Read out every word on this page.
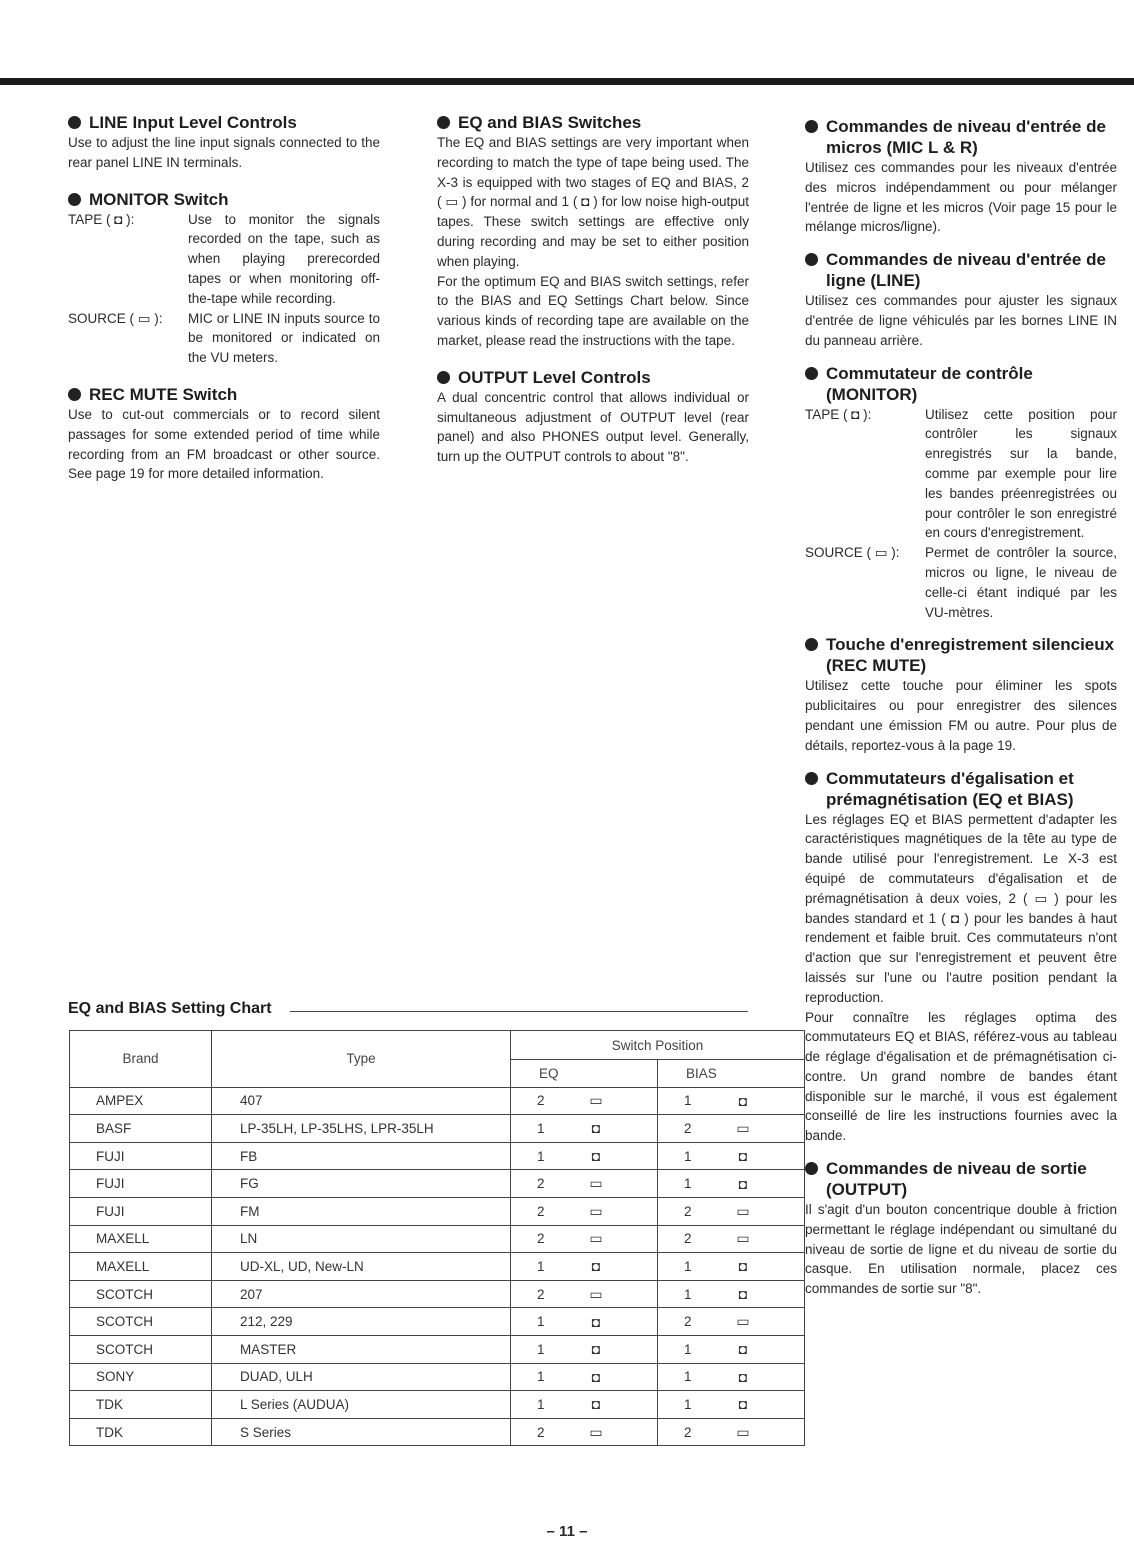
LINE Input Level Controls

Use to adjust the line input signals connected to the rear panel LINE IN terminals.

MONITOR Switch
TAPE ( ◘ ):	Use to monitor the signals recorded on the tape, such as when playing prerecorded tapes or when monitoring off-the-tape while recording.
SOURCE ( ▭ ):	MIC or LINE IN inputs source to be monitored or indicated on the VU meters.
REC MUTE Switch

Use to cut-out commercials or to record silent passages for some extended period of time while recording from an FM broadcast or other source. See page 19 for more detailed information.

EQ and BIAS Switches

The EQ and BIAS settings are very important when recording to match the type of tape being used. The X-3 is equipped with two stages of EQ and BIAS, 2 ( ▭ ) for normal and 1 ( ◘ ) for low noise high-output tapes. These switch settings are effective only during recording and may be set to either position when playing.

For the optimum EQ and BIAS switch settings, refer to the BIAS and EQ Settings Chart below. Since various kinds of recording tape are available on the market, please read the instructions with the tape.

OUTPUT Level Controls

A dual concentric control that allows individual or simultaneous adjustment of OUTPUT level (rear panel) and also PHONES output level. Generally, turn up the OUTPUT controls to about "8".

Commandes de niveau d'entrée de micros (MIC L & R)

Utilisez ces commandes pour les niveaux d'entrée des micros indépendamment ou pour mélanger l'entrée de ligne et les micros (Voir page 15 pour le mélange micros/ligne).

Commandes de niveau d'entrée de ligne (LINE)

Utilisez ces commandes pour ajuster les signaux d'entrée de ligne véhiculés par les bornes LINE IN du panneau arrière.

Commutateur de contrôle (MONITOR)
TAPE ( ◘ ):	Utilisez cette position pour contrôler les signaux enregistrés sur la bande, comme par exemple pour lire les bandes préenregistrées ou pour contrôler le son enregistré en cours d'enregistrement.
SOURCE ( ▭ ):	Permet de contrôler la source, micros ou ligne, le niveau de celle-ci étant indiqué par les VU-mètres.
Touche d'enregistrement silencieux (REC MUTE)

Utilisez cette touche pour éliminer les spots publicitaires ou pour enregistrer des silences pendant une émission FM ou autre. Pour plus de détails, reportez-vous à la page 19.

Commutateurs d'égalisation et prémagnétisation (EQ et BIAS)

Les réglages EQ et BIAS permettent d'adapter les caractéristiques magnétiques de la tête au type de bande utilisé pour l'enregistrement. Le X-3 est équipé de commutateurs d'égalisation et de prémagnétisation à deux voies, 2 ( ▭ ) pour les bandes standard et 1 ( ◘ ) pour les bandes à haut rendement et faible bruit. Ces commutateurs n'ont d'action que sur l'enregistrement et peuvent être laissés sur l'une ou l'autre position pendant la reproduction.

Pour connaître les réglages optima des commutateurs EQ et BIAS, référez-vous au tableau de réglage d'égalisation et de prémagnétisation ci-contre. Un grand nombre de bandes étant disponible sur le marché, il vous est également conseillé de lire les instructions fournies avec la bande.

Commandes de niveau de sortie (OUTPUT)

Il s'agit d'un bouton concentrique double à friction permettant le réglage indépendant ou simultané du niveau de sortie de ligne et du niveau de sortie du casque. En utilisation normale, placez ces commandes de sortie sur "8".

EQ and BIAS Setting Chart
Brand	Type	Switch Position	
		EQ	BIAS
AMPEX	407	2 ▭	1 ◘

BASF	LP-35LH, LP-35LHS, LPR-35LH	1 ◘	2 ▭

FUJI	FB	1 ◘	1 ◘

FUJI	FG	2 ▭	1 ◘

FUJI	FM	2 ▭	2 ▭

MAXELL	LN	2 ▭	2 ▭

MAXELL	UD-XL, UD, New-LN	1 ◘	1 ◘

SCOTCH	207	2 ▭	1 ◘

SCOTCH	212, 229	1 ◘	2 ▭

SCOTCH	MASTER	1 ◘	1 ◘

SONY	DUAD, ULH	1 ◘	1 ◘

TDK	L Series (AUDUA)	1 ◘	1 ◘

TDK	S Series	2 ▭	2 ▭
– 11 –
